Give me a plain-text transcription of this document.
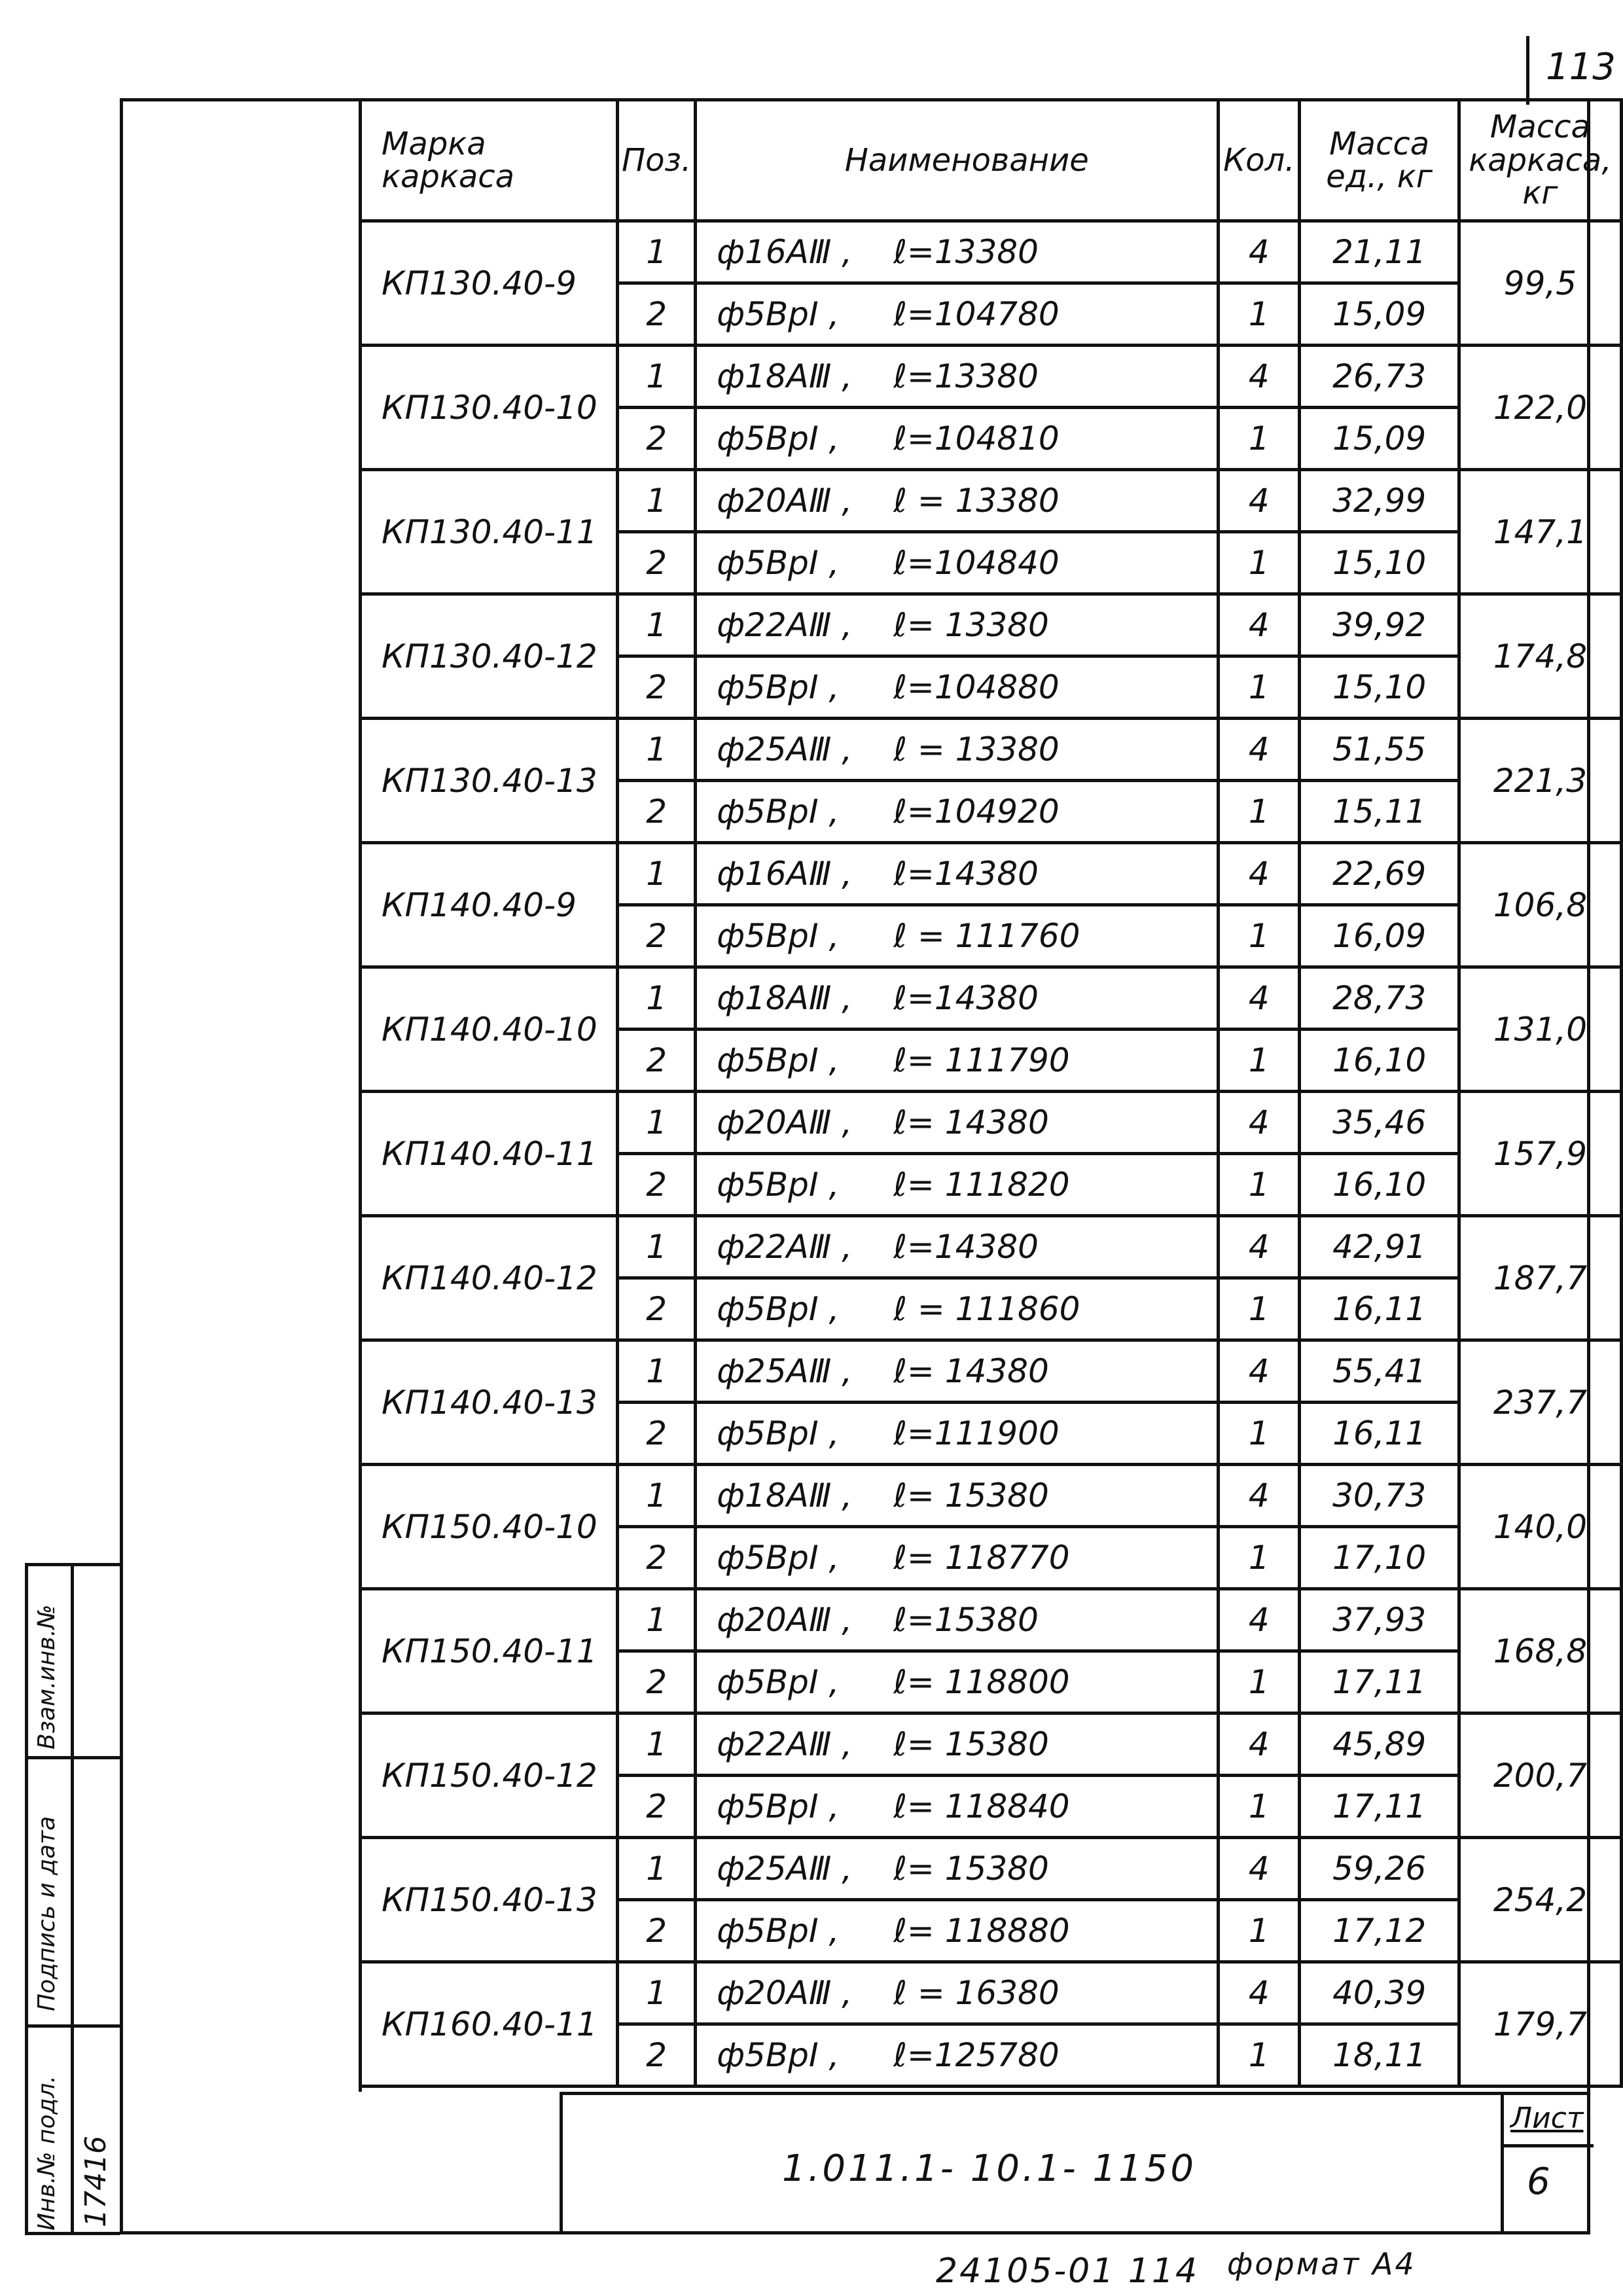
113
Инв.№ подл. 17416
Подпись и дата
Взам.инв.№
Марка каркаса	Поз.	Наименование	Кол.	Масса ед., кг	Масса каркаса, кг
КП130.40-9	1	ф16АⅢ , ℓ=13380	4	21,11	99,5
	2	ф5ВрⅠ , ℓ=104780	1	15,09	
КП130.40-10	1	ф18АⅢ , ℓ=13380	4	26,73	122,0
	2	ф5ВрⅠ , ℓ=104810	1	15,09	
КП130.40-11	1	ф20АⅢ , ℓ = 13380	4	32,99	147,1
	2	ф5ВрⅠ , ℓ=104840	1	15,10	
КП130.40-12	1	ф22АⅢ , ℓ= 13380	4	39,92	174,8
	2	ф5ВрⅠ , ℓ=104880	1	15,10	
КП130.40-13	1	ф25АⅢ , ℓ = 13380	4	51,55	221,3
	2	ф5ВрⅠ , ℓ=104920	1	15,11	
КП140.40-9	1	ф16АⅢ , ℓ=14380	4	22,69	106,8
	2	ф5ВрⅠ , ℓ = 111760	1	16,09	
КП140.40-10	1	ф18АⅢ , ℓ=14380	4	28,73	131,0
	2	ф5ВрⅠ , ℓ= 111790	1	16,10	
КП140.40-11	1	ф20АⅢ , ℓ= 14380	4	35,46	157,9
	2	ф5ВрⅠ , ℓ= 111820	1	16,10	
КП140.40-12	1	ф22АⅢ , ℓ=14380	4	42,91	187,7
	2	ф5ВрⅠ , ℓ = 111860	1	16,11	
КП140.40-13	1	ф25АⅢ , ℓ= 14380	4	55,41	237,7
	2	ф5ВрⅠ , ℓ=111900	1	16,11	
КП150.40-10	1	ф18АⅢ , ℓ= 15380	4	30,73	140,0
	2	ф5ВрⅠ , ℓ= 118770	1	17,10	
КП150.40-11	1	ф20АⅢ , ℓ=15380	4	37,93	168,8
	2	ф5ВрⅠ , ℓ= 118800	1	17,11	
КП150.40-12	1	ф22АⅢ , ℓ= 15380	4	45,89	200,7
	2	ф5ВрⅠ , ℓ= 118840	1	17,11	
КП150.40-13	1	ф25АⅢ , ℓ= 15380	4	59,26	254,2
	2	ф5ВрⅠ , ℓ= 118880	1	17,12	
КП160.40-11	1	ф20АⅢ , ℓ = 16380	4	40,39	179,7
	2	ф5ВрⅠ , ℓ=125780	1	18,11	
1.011.1- 10.1- 1150
Лист
6
24105-01 114 формат А4
